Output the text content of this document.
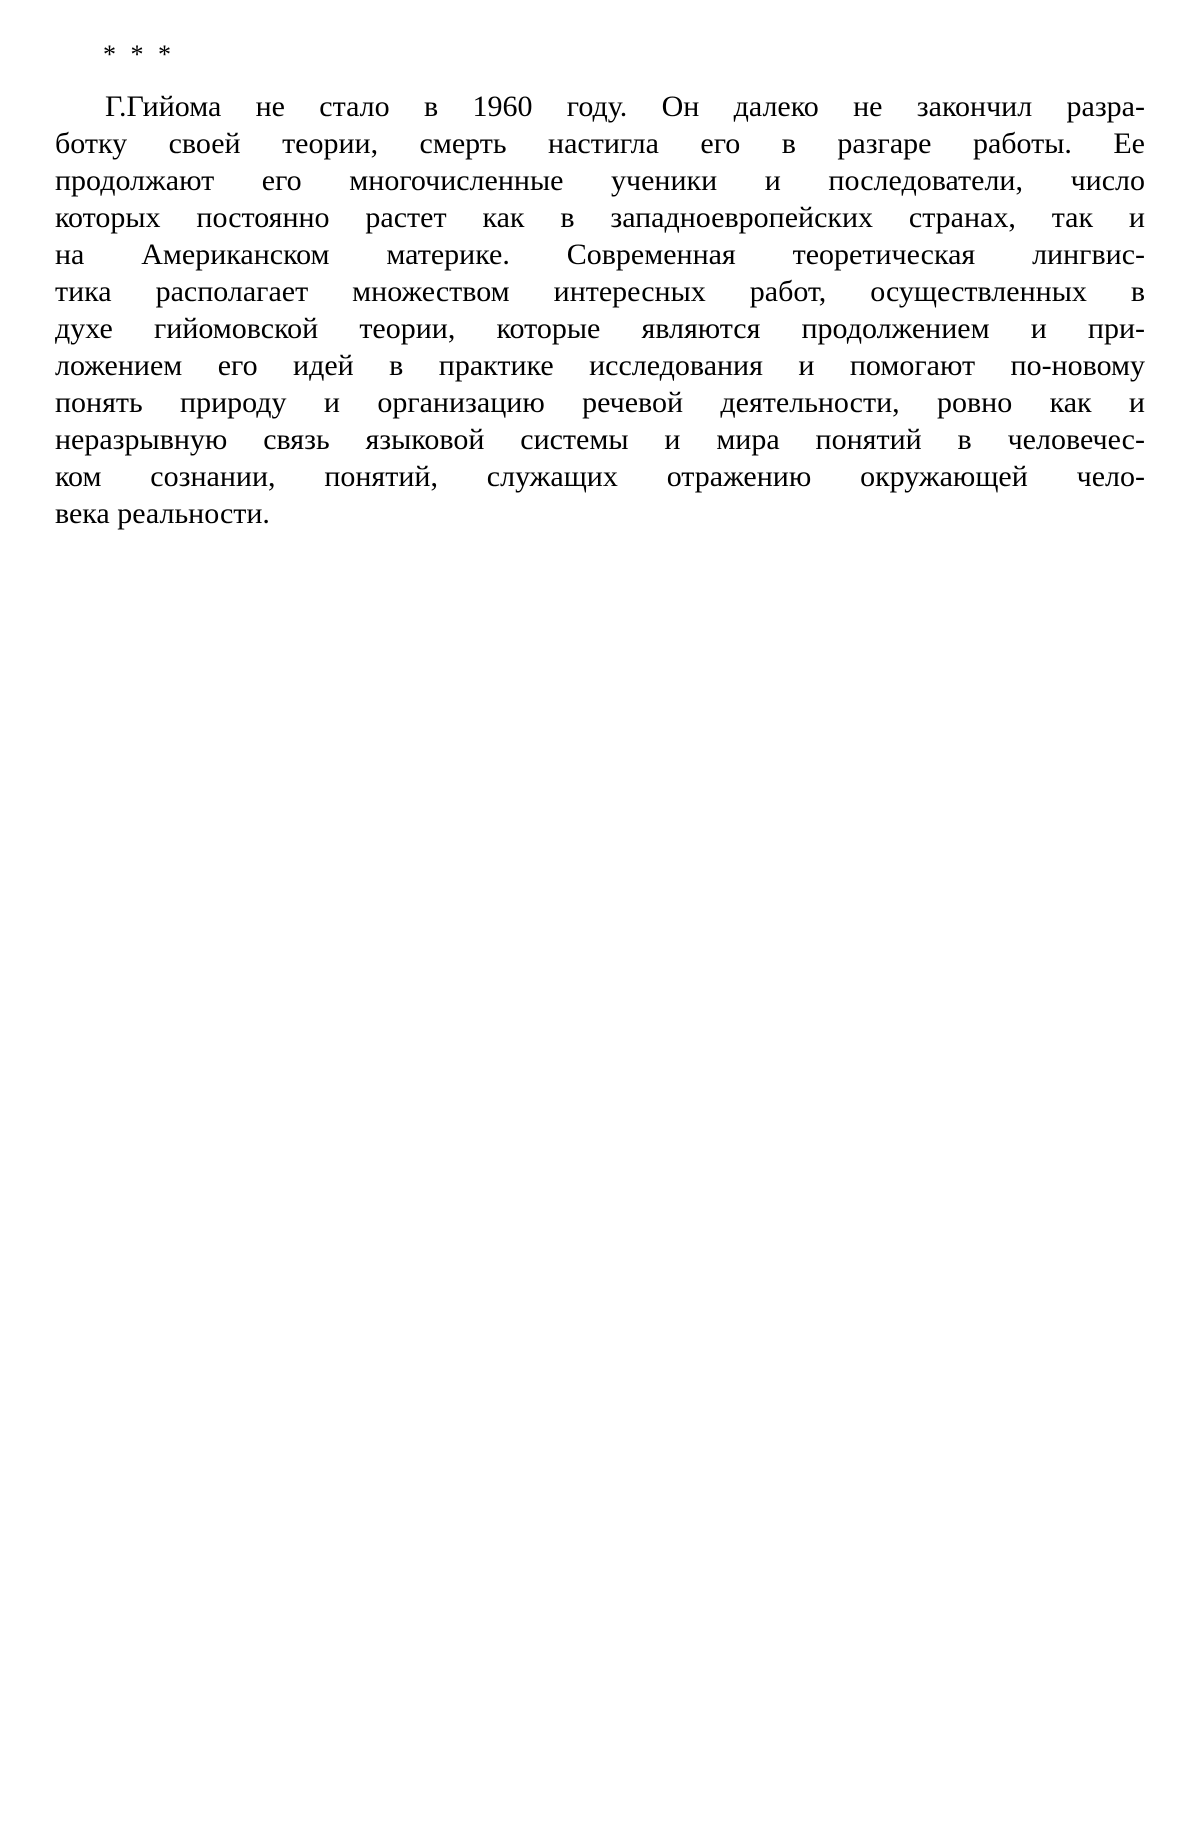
* * *

Г.Гийома не стало в 1960 году. Он далеко не закончил разра-
ботку своей теории, смерть настигла его в разгаре работы. Ее
продолжают его многочисленные ученики и последователи, число
которых постоянно растет как в западноевропейских странах, так и
на Американском материке. Современная теоретическая лингвис-
тика располагает множеством интересных работ, осуществленных в
духе гийомовской теории, которые являются продолжением и при-
ложением его идей в практике исследования и помогают по-новому
понять природу и организацию речевой деятельности, ровно как и
неразрывную связь языковой системы и мира понятий в человечес-
ком сознании, понятий, служащих отражению окружающей чело-
века реальности.
